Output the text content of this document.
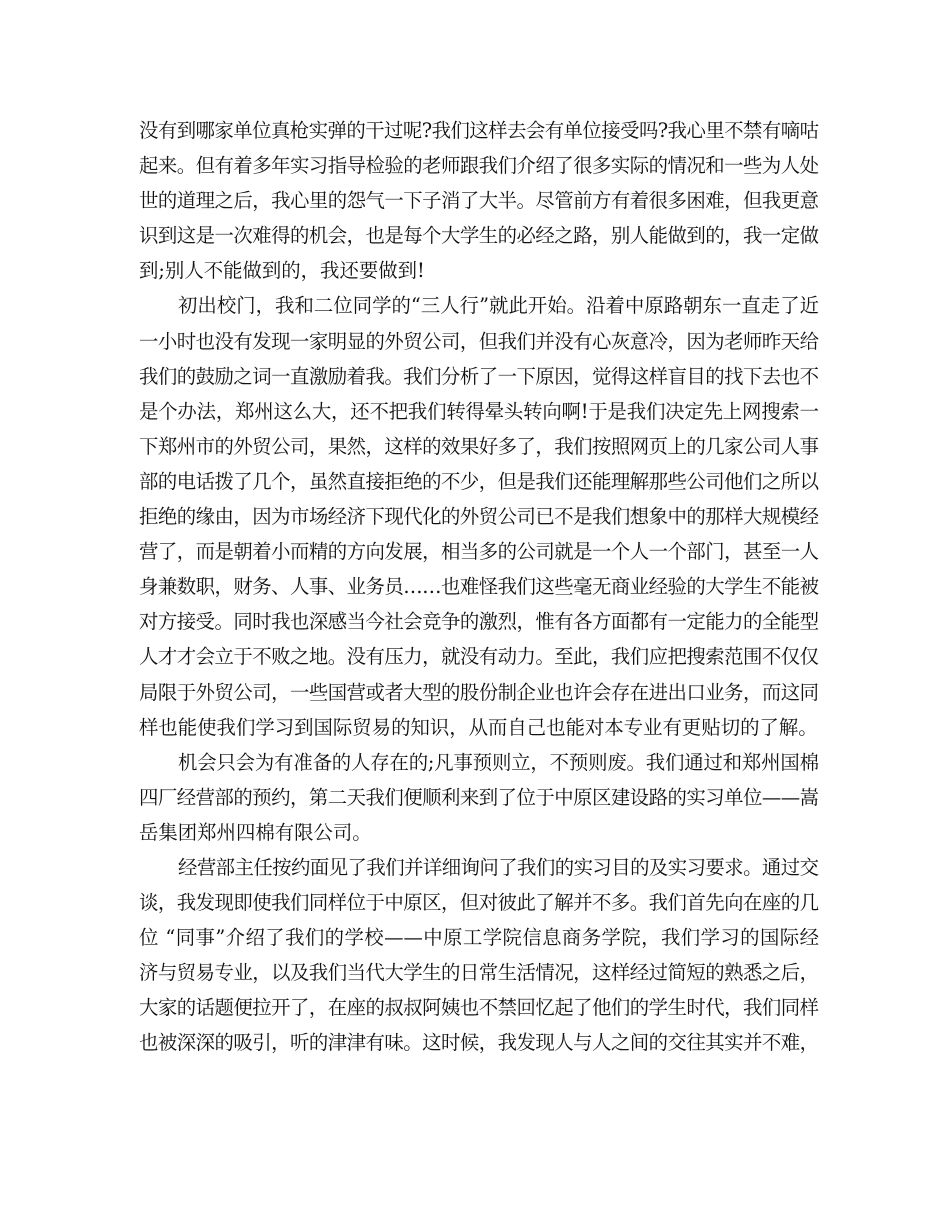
没有到哪家单位真枪实弹的干过呢?我们这样去会有单位接受吗?我心里不禁有嘀咕
起来。但有着多年实习指导检验的老师跟我们介绍了很多实际的情况和一些为人处
世的道理之后，我心里的怨气一下子消了大半。尽管前方有着很多困难，但我更意
识到这是一次难得的机会，也是每个大学生的必经之路，别人能做到的，我一定做
到;别人不能做到的，我还要做到!
初出校门，我和二位同学的“三人行”就此开始。沿着中原路朝东一直走了近
一小时也没有发现一家明显的外贸公司，但我们并没有心灰意冷，因为老师昨天给
我们的鼓励之词一直激励着我。我们分析了一下原因，觉得这样盲目的找下去也不
是个办法，郑州这么大，还不把我们转得晕头转向啊!于是我们决定先上网搜索一
下郑州市的外贸公司，果然，这样的效果好多了，我们按照网页上的几家公司人事
部的电话拨了几个，虽然直接拒绝的不少，但是我们还能理解那些公司他们之所以
拒绝的缘由，因为市场经济下现代化的外贸公司已不是我们想象中的那样大规模经
营了，而是朝着小而精的方向发展，相当多的公司就是一个人一个部门，甚至一人
身兼数职，财务、人事、业务员……也难怪我们这些毫无商业经验的大学生不能被
对方接受。同时我也深感当今社会竞争的激烈，惟有各方面都有一定能力的全能型
人才才会立于不败之地。没有压力，就没有动力。至此，我们应把搜索范围不仅仅
局限于外贸公司，一些国营或者大型的股份制企业也许会存在进出口业务，而这同
样也能使我们学习到国际贸易的知识，从而自己也能对本专业有更贴切的了解。
机会只会为有准备的人存在的;凡事预则立，不预则废。我们通过和郑州国棉
四厂经营部的预约，第二天我们便顺利来到了位于中原区建设路的实习单位——嵩
岳集团郑州四棉有限公司。
经营部主任按约面见了我们并详细询问了我们的实习目的及实习要求。通过交
谈，我发现即使我们同样位于中原区，但对彼此了解并不多。我们首先向在座的几
位 “同事”介绍了我们的学校——中原工学院信息商务学院，我们学习的国际经
济与贸易专业，以及我们当代大学生的日常生活情况，这样经过简短的熟悉之后，
大家的话题便拉开了，在座的叔叔阿姨也不禁回忆起了他们的学生时代，我们同样
也被深深的吸引，听的津津有味。这时候，我发现人与人之间的交往其实并不难，
